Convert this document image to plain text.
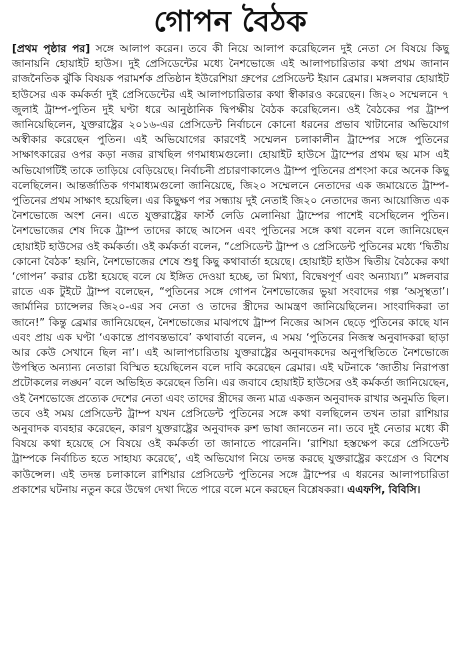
গোপন বৈঠক

[প্রথম পৃষ্ঠার পর] সঙ্গে আলাপ করেন। তবে কী নিয়ে আলাপ করেছিলেন দুই নেতা সে বিষয়ে কিছু জানায়নি হোয়াইট হাউস। দুই প্রেসিডেন্টের মধ্যে নৈশভোজে এই আলাপচারিতার কথা প্রথম জানান রাজনৈতিক ঝুঁকি বিষয়ক পরামর্শক প্রতিষ্ঠান ইউরেশিয়া গ্রুপের প্রেসিডেন্ট ইয়ান ব্রেমার। মঙ্গলবার হোয়াইট হাউসের এক কর্মকর্তা দুই প্রেসিডেন্টের এই আলাপচারিতার কথা স্বীকারও করেছেন। জি২০ সম্মেলনে ৭ জুলাই ট্রাম্প-পুতিন দুই ঘণ্টা ধরে আনুষ্ঠানিক দ্বিপক্ষীয় বৈঠক করেছিলেন। ওই বৈঠকের পর ট্রাম্প জানিয়েছিলেন, যুক্তরাষ্ট্রের ২০১৬-এর প্রেসিডেন্ট নির্বাচনে কোনো ধরনের প্রভাব খাটানোর অভিযোগ অস্বীকার করেছেন পুতিন। এই অভিযোগের কারণেই সম্মেলন চলাকালীন ট্রাম্পের সঙ্গে পুতিনের সাক্ষাৎকারের ওপর কড়া নজর রাখছিল গণমাধ্যমগুলো। হোয়াইট হাউসে ট্রাম্পের প্রথম ছয় মাস এই অভিযোগটিই তাকে তাড়িয়ে বেড়িয়েছে। নির্বাচনী প্রচারণাকালেও ট্রাম্প পুতিনের প্রশংসা করে অনেক কিছু বলেছিলেন। আন্তর্জাতিক গণমাধ্যমগুলো জানিয়েছে, জি২০ সম্মেলনে নেতাদের এক জমায়েতে ট্রাম্প-পুতিনের প্রথম সাক্ষাৎ হয়েছিল। এর কিছুক্ষণ পর সন্ধ্যায় দুই নেতাই জি২০ নেতাদের জন্য আয়োজিত এক নৈশভোজে অংশ নেন। এতে যুক্তরাষ্ট্রের ফার্স্ট লেডি মেলানিয়া ট্রাম্পের পাশেই বসেছিলেন পুতিন। নৈশভোজের শেষ দিকে ট্রাম্প তাদের কাছে আসেন এবং পুতিনের সঙ্গে কথা বলেন বলে জানিয়েছেন হোয়াইট হাউসের ওই কর্মকর্তা। ওই কর্মকর্তা বলেন, “প্রেসিডেন্ট ট্রাম্প ও প্রেসিডেন্ট পুতিনের মধ্যে ‘দ্বিতীয় কোনো বৈঠক’ হয়নি, নৈশভোজের শেষে শুধু কিছু কথাবার্তা হয়েছে। হোয়াইট হাউস দ্বিতীয় বৈঠকের কথা ‘গোপন’ করার চেষ্টা হয়েছে বলে যে ইঙ্গিত দেওয়া হচ্ছে, তা মিথ্যা, বিদ্বেষপূর্ণ এবং অন্যায্য।” মঙ্গলবার রাতে এক টুইটে ট্রাম্প বলেছেন, “পুতিনের সঙ্গে গোপন নৈশভোজের ভুয়া সংবাদের গল্প ‘অসুস্থতা’। জার্মানির চ্যান্সেলর জি২০-এর সব নেতা ও তাদের স্ত্রীদের আমন্ত্রণ জানিয়েছিলেন। সাংবাদিকরা তা জানে!” কিন্তু ব্রেমার জানিয়েছেন, নৈশভোজের মাঝপথে ট্রাম্প নিজের আসন ছেড়ে পুতিনের কাছে যান এবং প্রায় এক ঘণ্টা ‘একান্তে প্রাণবন্তভাবে’ কথাবার্তা বলেন, এ সময় ‘পুতিনের নিজস্ব অনুবাদকরা ছাড়া আর কেউ সেখানে ছিল না’। এই আলাপচারিতায় যুক্তরাষ্ট্রের অনুবাদকদের অনুপস্থিতিতে নৈশভোজে উপস্থিত অন্যান্য নেতারা বিস্মিত হয়েছিলেন বলে দাবি করেছেন ব্রেমার। এই ঘটনাকে ‘জাতীয় নিরাপত্তা প্রটোকলের লঙ্ঘন’ বলে অভিহিত করেছেন তিনি। এর জবাবে হোয়াইট হাউসের ওই কর্মকর্তা জানিয়েছেন, ওই নৈশভোজে প্রত্যেক দেশের নেতা এবং তাদের স্ত্রীদের জন্য মাত্র একজন অনুবাদক রাখার অনুমতি ছিল। তবে ওই সময় প্রেসিডেন্ট ট্রাম্প যখন প্রেসিডেন্ট পুতিনের সঙ্গে কথা বলছিলেন তখন তারা রাশিয়ার অনুবাদক ব্যবহার করেছেন, কারণ যুক্তরাষ্ট্রের অনুবাদক রুশ ভাষা জানতেন না। তবে দুই নেতার মধ্যে কী বিষয়ে কথা হয়েছে সে বিষয়ে ওই কর্মকর্তা তা জানাতে পারেননি। ‘রাশিয়া হস্তক্ষেপ করে প্রেসিডেন্ট ট্রাম্পকে নির্বাচিত হতে সাহায্য করেছে’, এই অভিযোগ নিয়ে তদন্ত করছে যুক্তরাষ্ট্রের কংগ্রেস ও বিশেষ কাউন্সেল। এই তদন্ত চলাকালে রাশিয়ার প্রেসিডেন্ট পুতিনের সঙ্গে ট্রাম্পের এ ধরনের আলাপচারিতা প্রকাশের ঘটনায় নতুন করে উদ্বেগ দেখা দিতে পারে বলে মনে করছেন বিশ্লেষকরা। এএফপি, বিবিসি।
